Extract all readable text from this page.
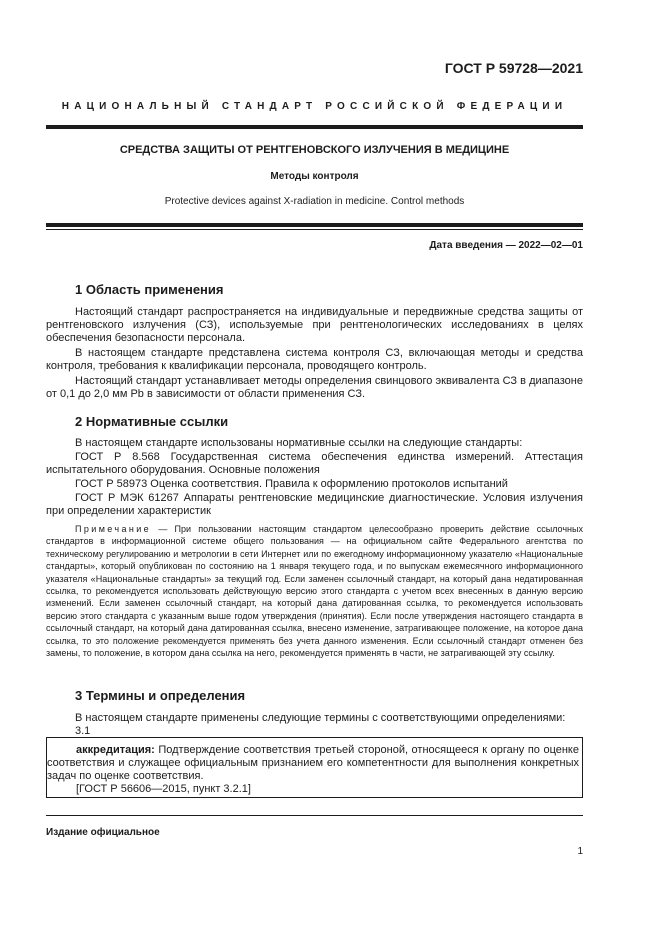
ГОСТ Р 59728—2021
НАЦИОНАЛЬНЫЙ СТАНДАРТ РОССИЙСКОЙ ФЕДЕРАЦИИ
СРЕДСТВА ЗАЩИТЫ ОТ РЕНТГЕНОВСКОГО ИЗЛУЧЕНИЯ В МЕДИЦИНЕ
Методы контроля
Protective devices against X-radiation in medicine. Control methods
Дата введения — 2022—02—01
1 Область применения
Настоящий стандарт распространяется на индивидуальные и передвижные средства защиты от рентгеновского излучения (СЗ), используемые при рентгенологических исследованиях в целях обеспечения безопасности персонала.
В настоящем стандарте представлена система контроля СЗ, включающая методы и средства контроля, требования к квалификации персонала, проводящего контроль.
Настоящий стандарт устанавливает методы определения свинцового эквивалента СЗ в диапазоне от 0,1 до 2,0 мм Pb в зависимости от области применения СЗ.
2 Нормативные ссылки
В настоящем стандарте использованы нормативные ссылки на следующие стандарты:
ГОСТ Р 8.568 Государственная система обеспечения единства измерений. Аттестация испытательного оборудования. Основные положения
ГОСТ Р 58973 Оценка соответствия. Правила к оформлению протоколов испытаний
ГОСТ Р МЭК 61267 Аппараты рентгеновские медицинские диагностические. Условия излучения при определении характеристик
Примечание — При пользовании настоящим стандартом целесообразно проверить действие ссылочных стандартов в информационной системе общего пользования — на официальном сайте Федерального агентства по техническому регулированию и метрологии в сети Интернет или по ежегодному информационному указателю «Национальные стандарты», который опубликован по состоянию на 1 января текущего года, и по выпускам ежемесячного информационного указателя «Национальные стандарты» за текущий год. Если заменен ссылочный стандарт, на который дана недатированная ссылка, то рекомендуется использовать действующую версию этого стандарта с учетом всех внесенных в данную версию изменений. Если заменен ссылочный стандарт, на который дана датированная ссылка, то рекомендуется использовать версию этого стандарта с указанным выше годом утверждения (принятия). Если после утверждения настоящего стандарта в ссылочный стандарт, на который дана датированная ссылка, внесено изменение, затрагивающее положение, на которое дана ссылка, то это положение рекомендуется применять без учета данного изменения. Если ссылочный стандарт отменен без замены, то положение, в котором дана ссылка на него, рекомендуется применять в части, не затрагивающей эту ссылку.
3 Термины и определения
В настоящем стандарте применены следующие термины с соответствующими определениями:
3.1
аккредитация: Подтверждение соответствия третьей стороной, относящееся к органу по оценке соответствия и служащее официальным признанием его компетентности для выполнения конкретных задач по оценке соответствия.
[ГОСТ Р 56606—2015, пункт 3.2.1]
Издание официальное
1
